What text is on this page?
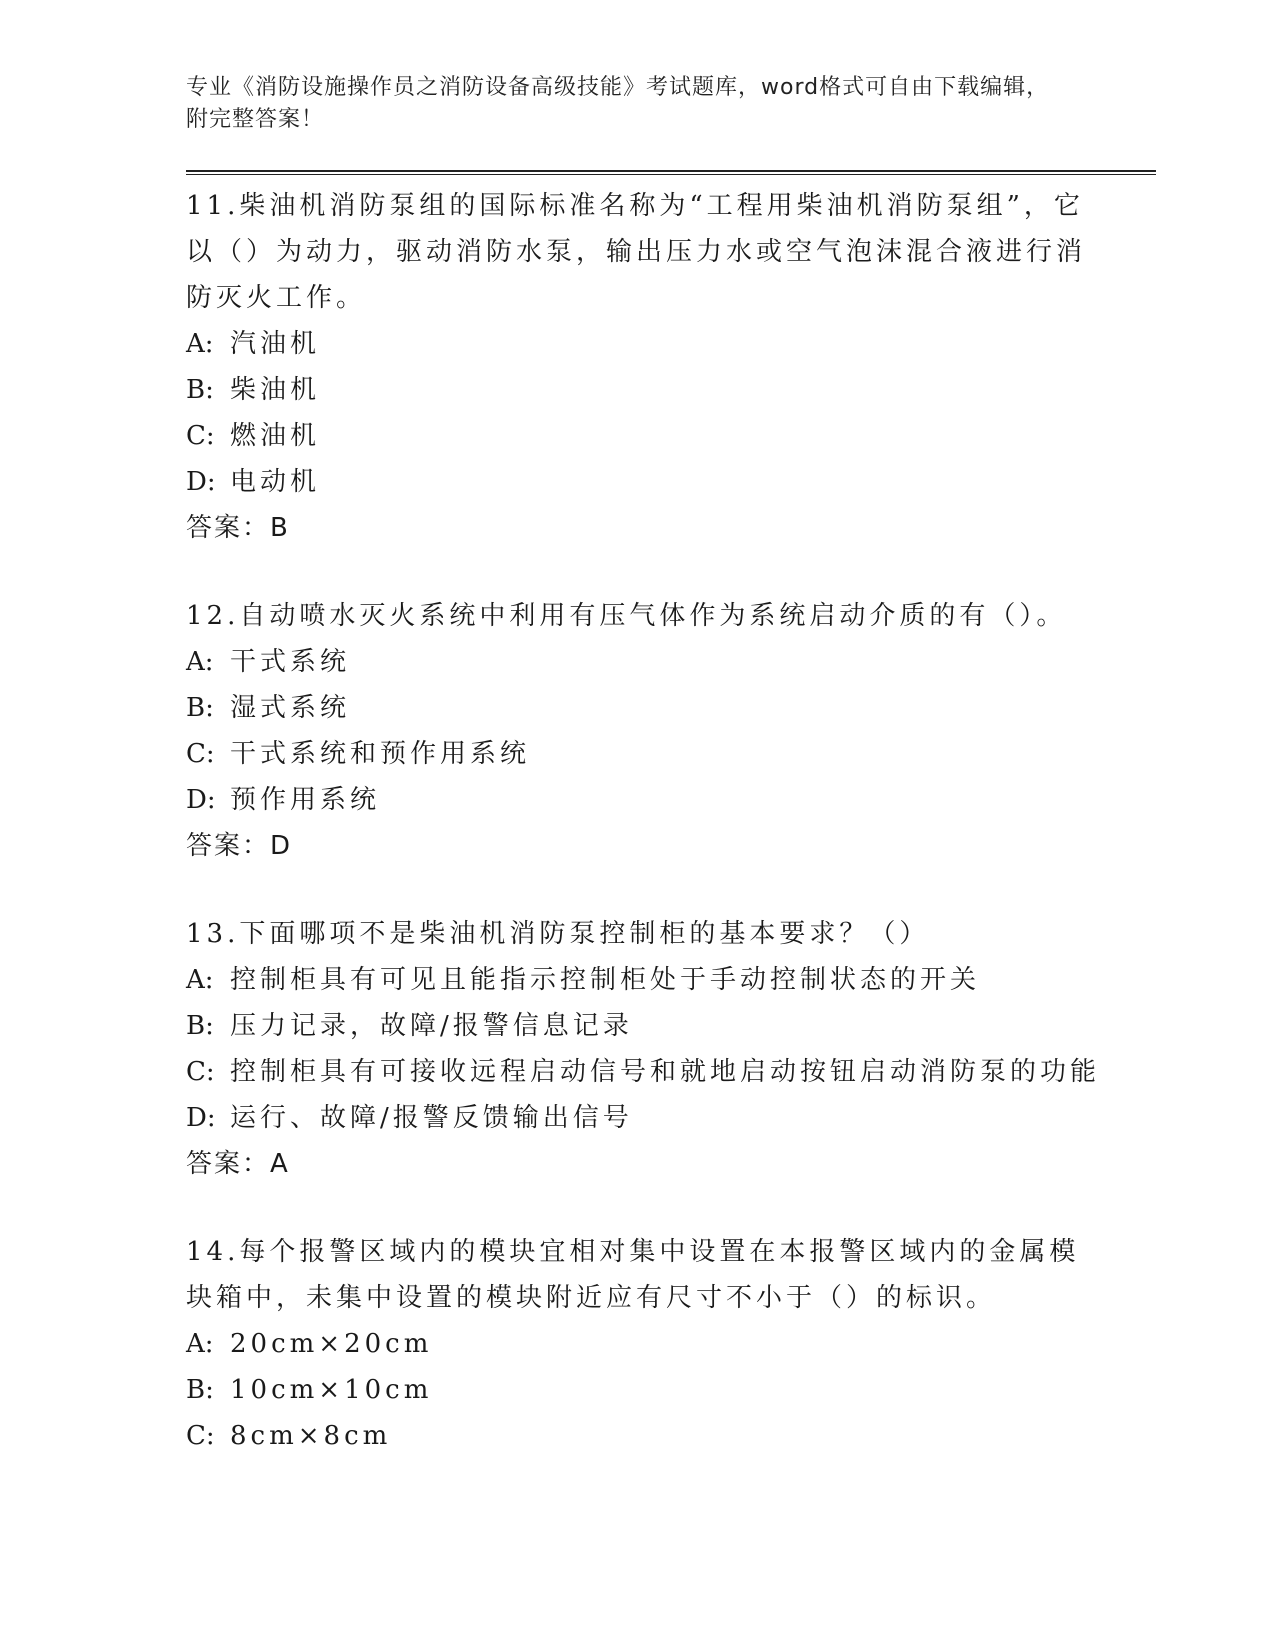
专业《消防设施操作员之消防设备高级技能》考试题库，word格式可自由下载编辑，附完整答案！
11.柴油机消防泵组的国际标准名称为“工程用柴油机消防泵组”，它以（）为动力，驱动消防水泵，输出压力水或空气泡沫混合液进行消防灭火工作。
A: 汽油机
B: 柴油机
C: 燃油机
D: 电动机
答案：B
12.自动喷水灭火系统中利用有压气体作为系统启动介质的有（）。
A: 干式系统
B: 湿式系统
C: 干式系统和预作用系统
D: 预作用系统
答案：D
13.下面哪项不是柴油机消防泵控制柜的基本要求？（）
A: 控制柜具有可见且能指示控制柜处于手动控制状态的开关
B: 压力记录，故障/报警信息记录
C: 控制柜具有可接收远程启动信号和就地启动按钮启动消防泵的功能
D: 运行、故障/报警反馈输出信号
答案：A
14.每个报警区域内的模块宜相对集中设置在本报警区域内的金属模块箱中，未集中设置的模块附近应有尺寸不小于（）的标识。
A: 20cm×20cm
B: 10cm×10cm
C: 8cm×8cm
